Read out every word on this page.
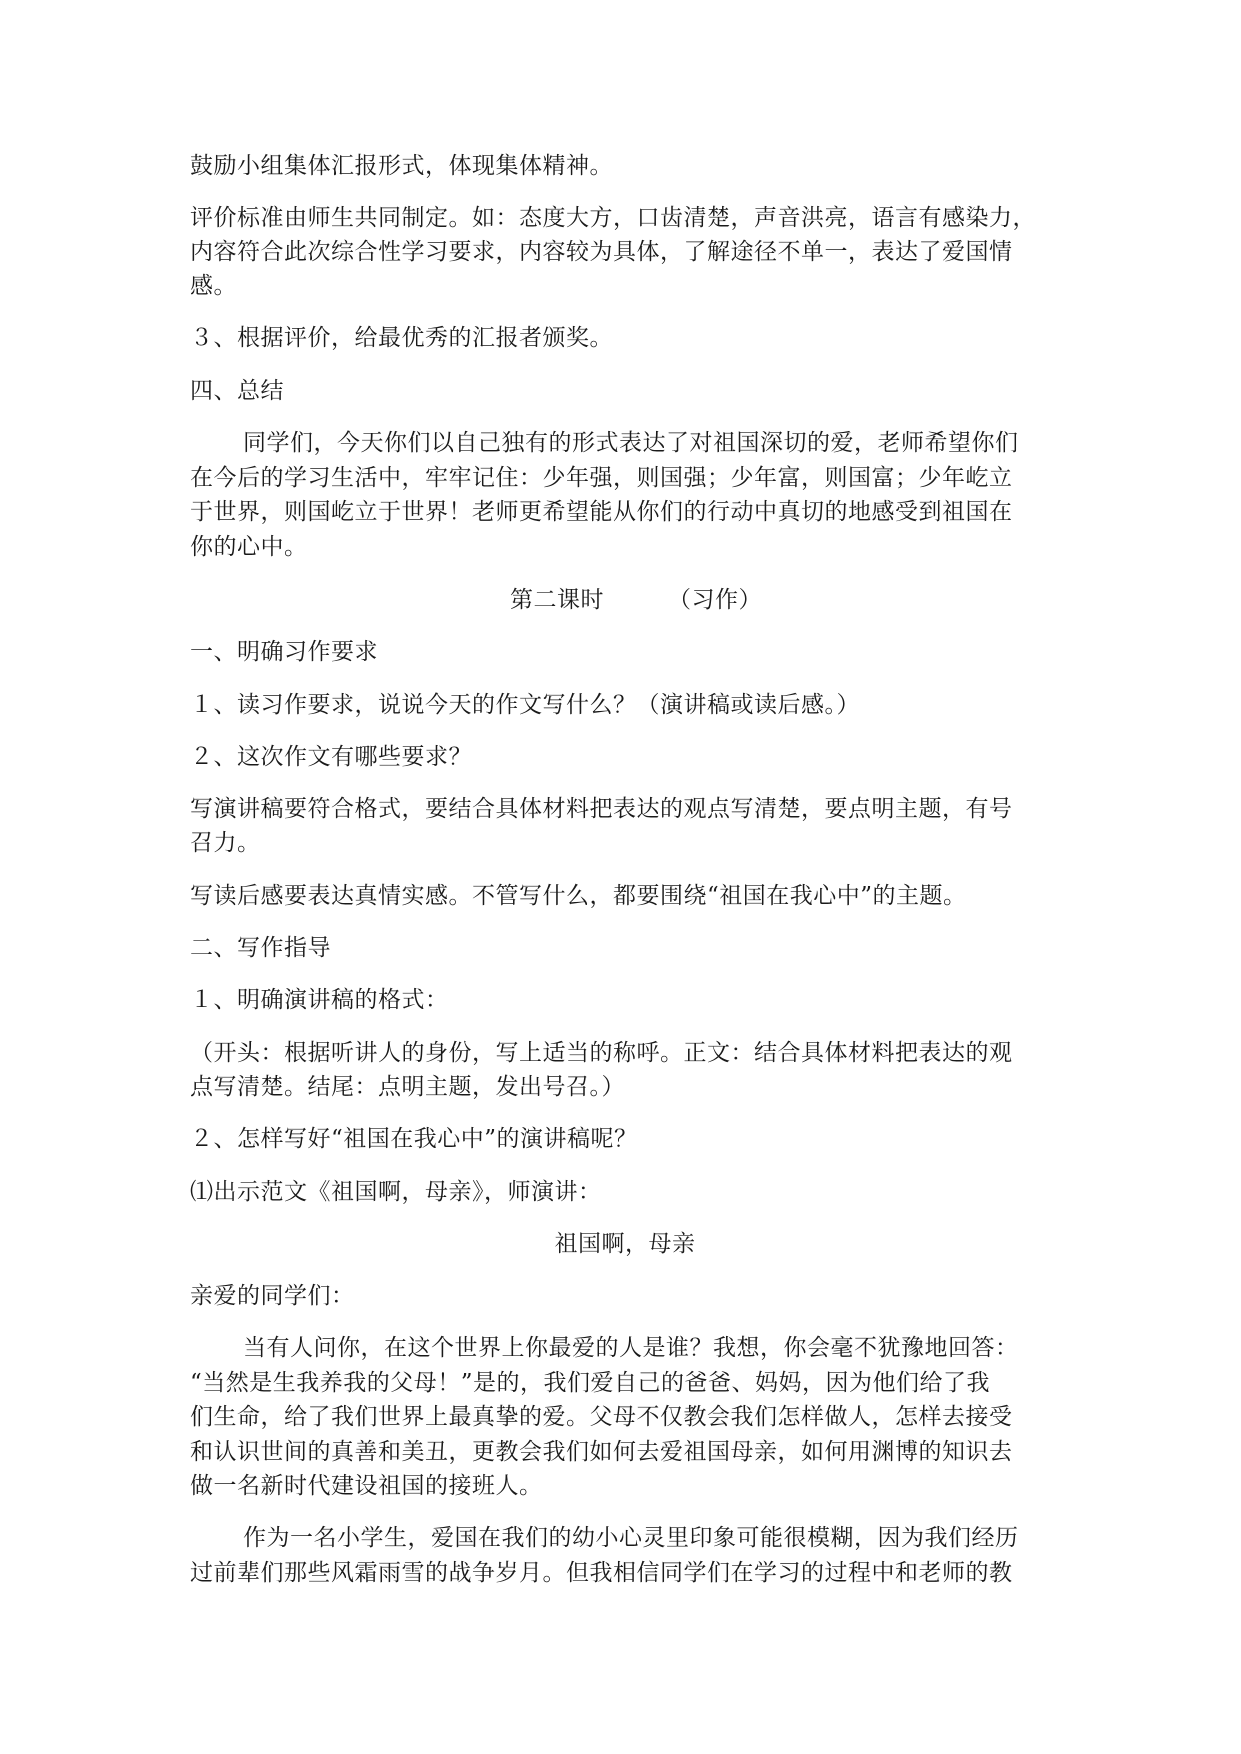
鼓励小组集体汇报形式，体现集体精神。
评价标准由师生共同制定。如：态度大方，口齿清楚，声音洪亮，语言有感染力，
内容符合此次综合性学习要求，内容较为具体，了解途径不单一，表达了爱国情
感。
３、根据评价，给最优秀的汇报者颁奖。
四、总结
同学们，今天你们以自己独有的形式表达了对祖国深切的爱，老师希望你们
在今后的学习生活中，牢牢记住：少年强，则国强；少年富，则国富；少年屹立
于世界，则国屹立于世界！老师更希望能从你们的行动中真切的地感受到祖国在
你的心中。
第二课时	（习作）
一、明确习作要求
１、读习作要求，说说今天的作文写什么？（演讲稿或读后感。）
２、这次作文有哪些要求？
写演讲稿要符合格式，要结合具体材料把表达的观点写清楚，要点明主题，有号
召力。
写读后感要表达真情实感。不管写什么，都要围绕“祖国在我心中”的主题。
二、写作指导
１、明确演讲稿的格式：
（开头：根据听讲人的身份，写上适当的称呼。正文：结合具体材料把表达的观
点写清楚。结尾：点明主题，发出号召。）
２、怎样写好“祖国在我心中”的演讲稿呢？
⑴出示范文《祖国啊，母亲》，师演讲：
祖国啊，母亲
亲爱的同学们：
当有人问你，在这个世界上你最爱的人是谁？我想，你会毫不犹豫地回答：
“当然是生我养我的父母！”是的，我们爱自己的爸爸、妈妈，因为他们给了我
们生命，给了我们世界上最真挚的爱。父母不仅教会我们怎样做人，怎样去接受
和认识世间的真善和美丑，更教会我们如何去爱祖国母亲，如何用渊博的知识去
做一名新时代建设祖国的接班人。
作为一名小学生，爱国在我们的幼小心灵里印象可能很模糊，因为我们经历
过前辈们那些风霜雨雪的战争岁月。但我相信同学们在学习的过程中和老师的教
